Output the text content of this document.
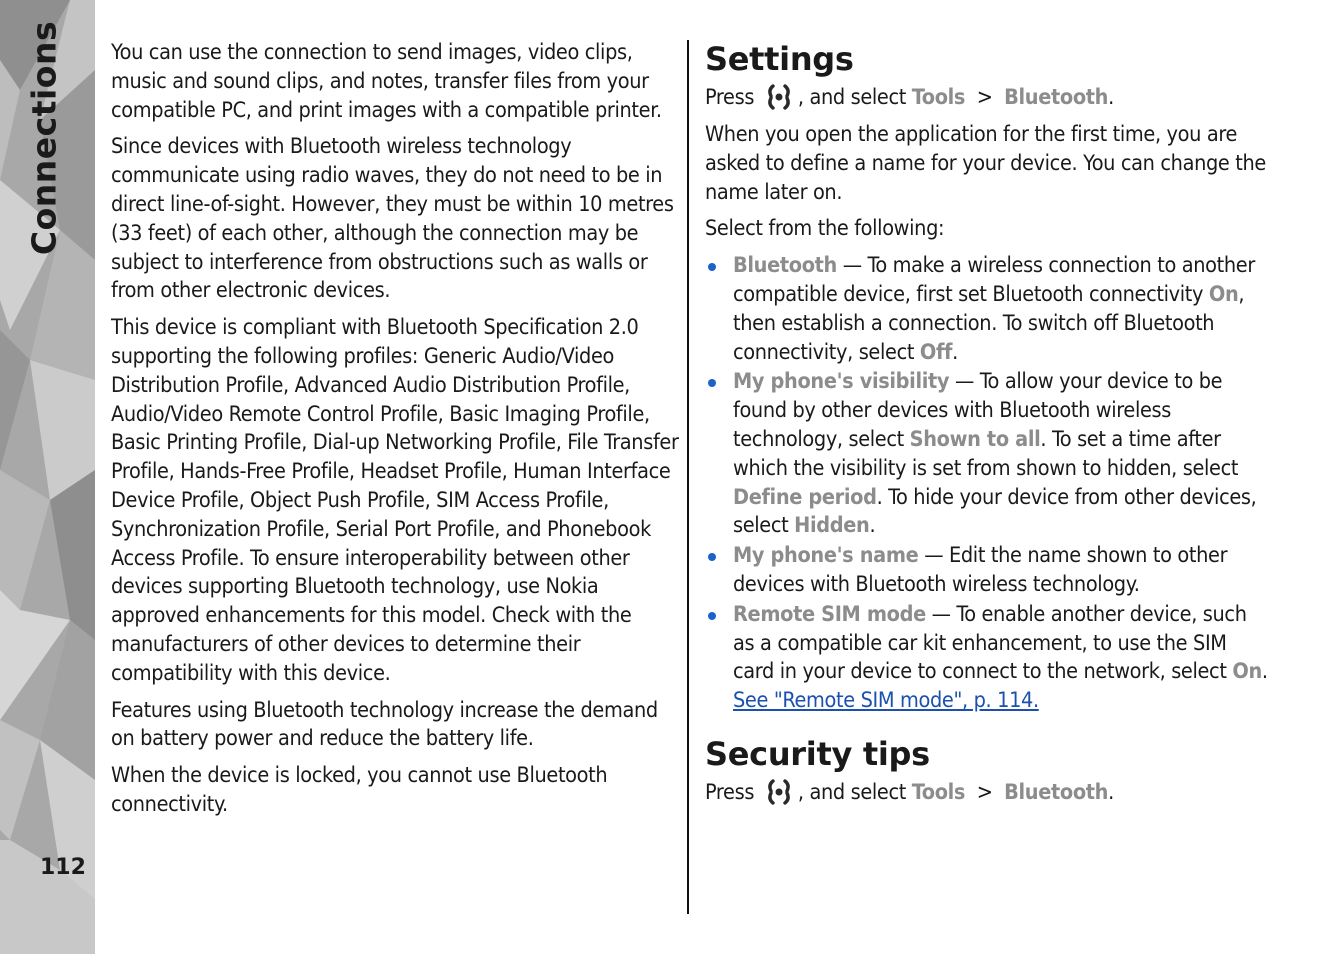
Connections
112

You can use the connection to send images, video clips, music and sound clips, and notes, transfer files from your compatible PC, and print images with a compatible printer.

Since devices with Bluetooth wireless technology communicate using radio waves, they do not need to be in direct line-of-sight. However, they must be within 10 metres (33 feet) of each other, although the connection may be subject to interference from obstructions such as walls or from other electronic devices.

This device is compliant with Bluetooth Specification 2.0 supporting the following profiles: Generic Audio/Video Distribution Profile, Advanced Audio Distribution Profile, Audio/Video Remote Control Profile, Basic Imaging Profile, Basic Printing Profile, Dial-up Networking Profile, File Transfer Profile, Hands-Free Profile, Headset Profile, Human Interface Device Profile, Object Push Profile, SIM Access Profile, Synchronization Profile, Serial Port Profile, and Phonebook Access Profile. To ensure interoperability between other devices supporting Bluetooth technology, use Nokia approved enhancements for this model. Check with the manufacturers of other devices to determine their compatibility with this device.

Features using Bluetooth technology increase the demand on battery power and reduce the battery life.

When the device is locked, you cannot use Bluetooth connectivity.

Settings

Press , and select Tools > Bluetooth.

When you open the application for the first time, you are asked to define a name for your device. You can change the name later on.

Select from the following:

Bluetooth — To make a wireless connection to another compatible device, first set Bluetooth connectivity On, then establish a connection. To switch off Bluetooth connectivity, select Off.
My phone's visibility — To allow your device to be found by other devices with Bluetooth wireless technology, select Shown to all. To set a time after which the visibility is set from shown to hidden, select Define period. To hide your device from other devices, select Hidden.
My phone's name — Edit the name shown to other devices with Bluetooth wireless technology.
Remote SIM mode — To enable another device, such as a compatible car kit enhancement, to use the SIM card in your device to connect to the network, select On. See "Remote SIM mode", p. 114.
Security tips

Press , and select Tools > Bluetooth.
